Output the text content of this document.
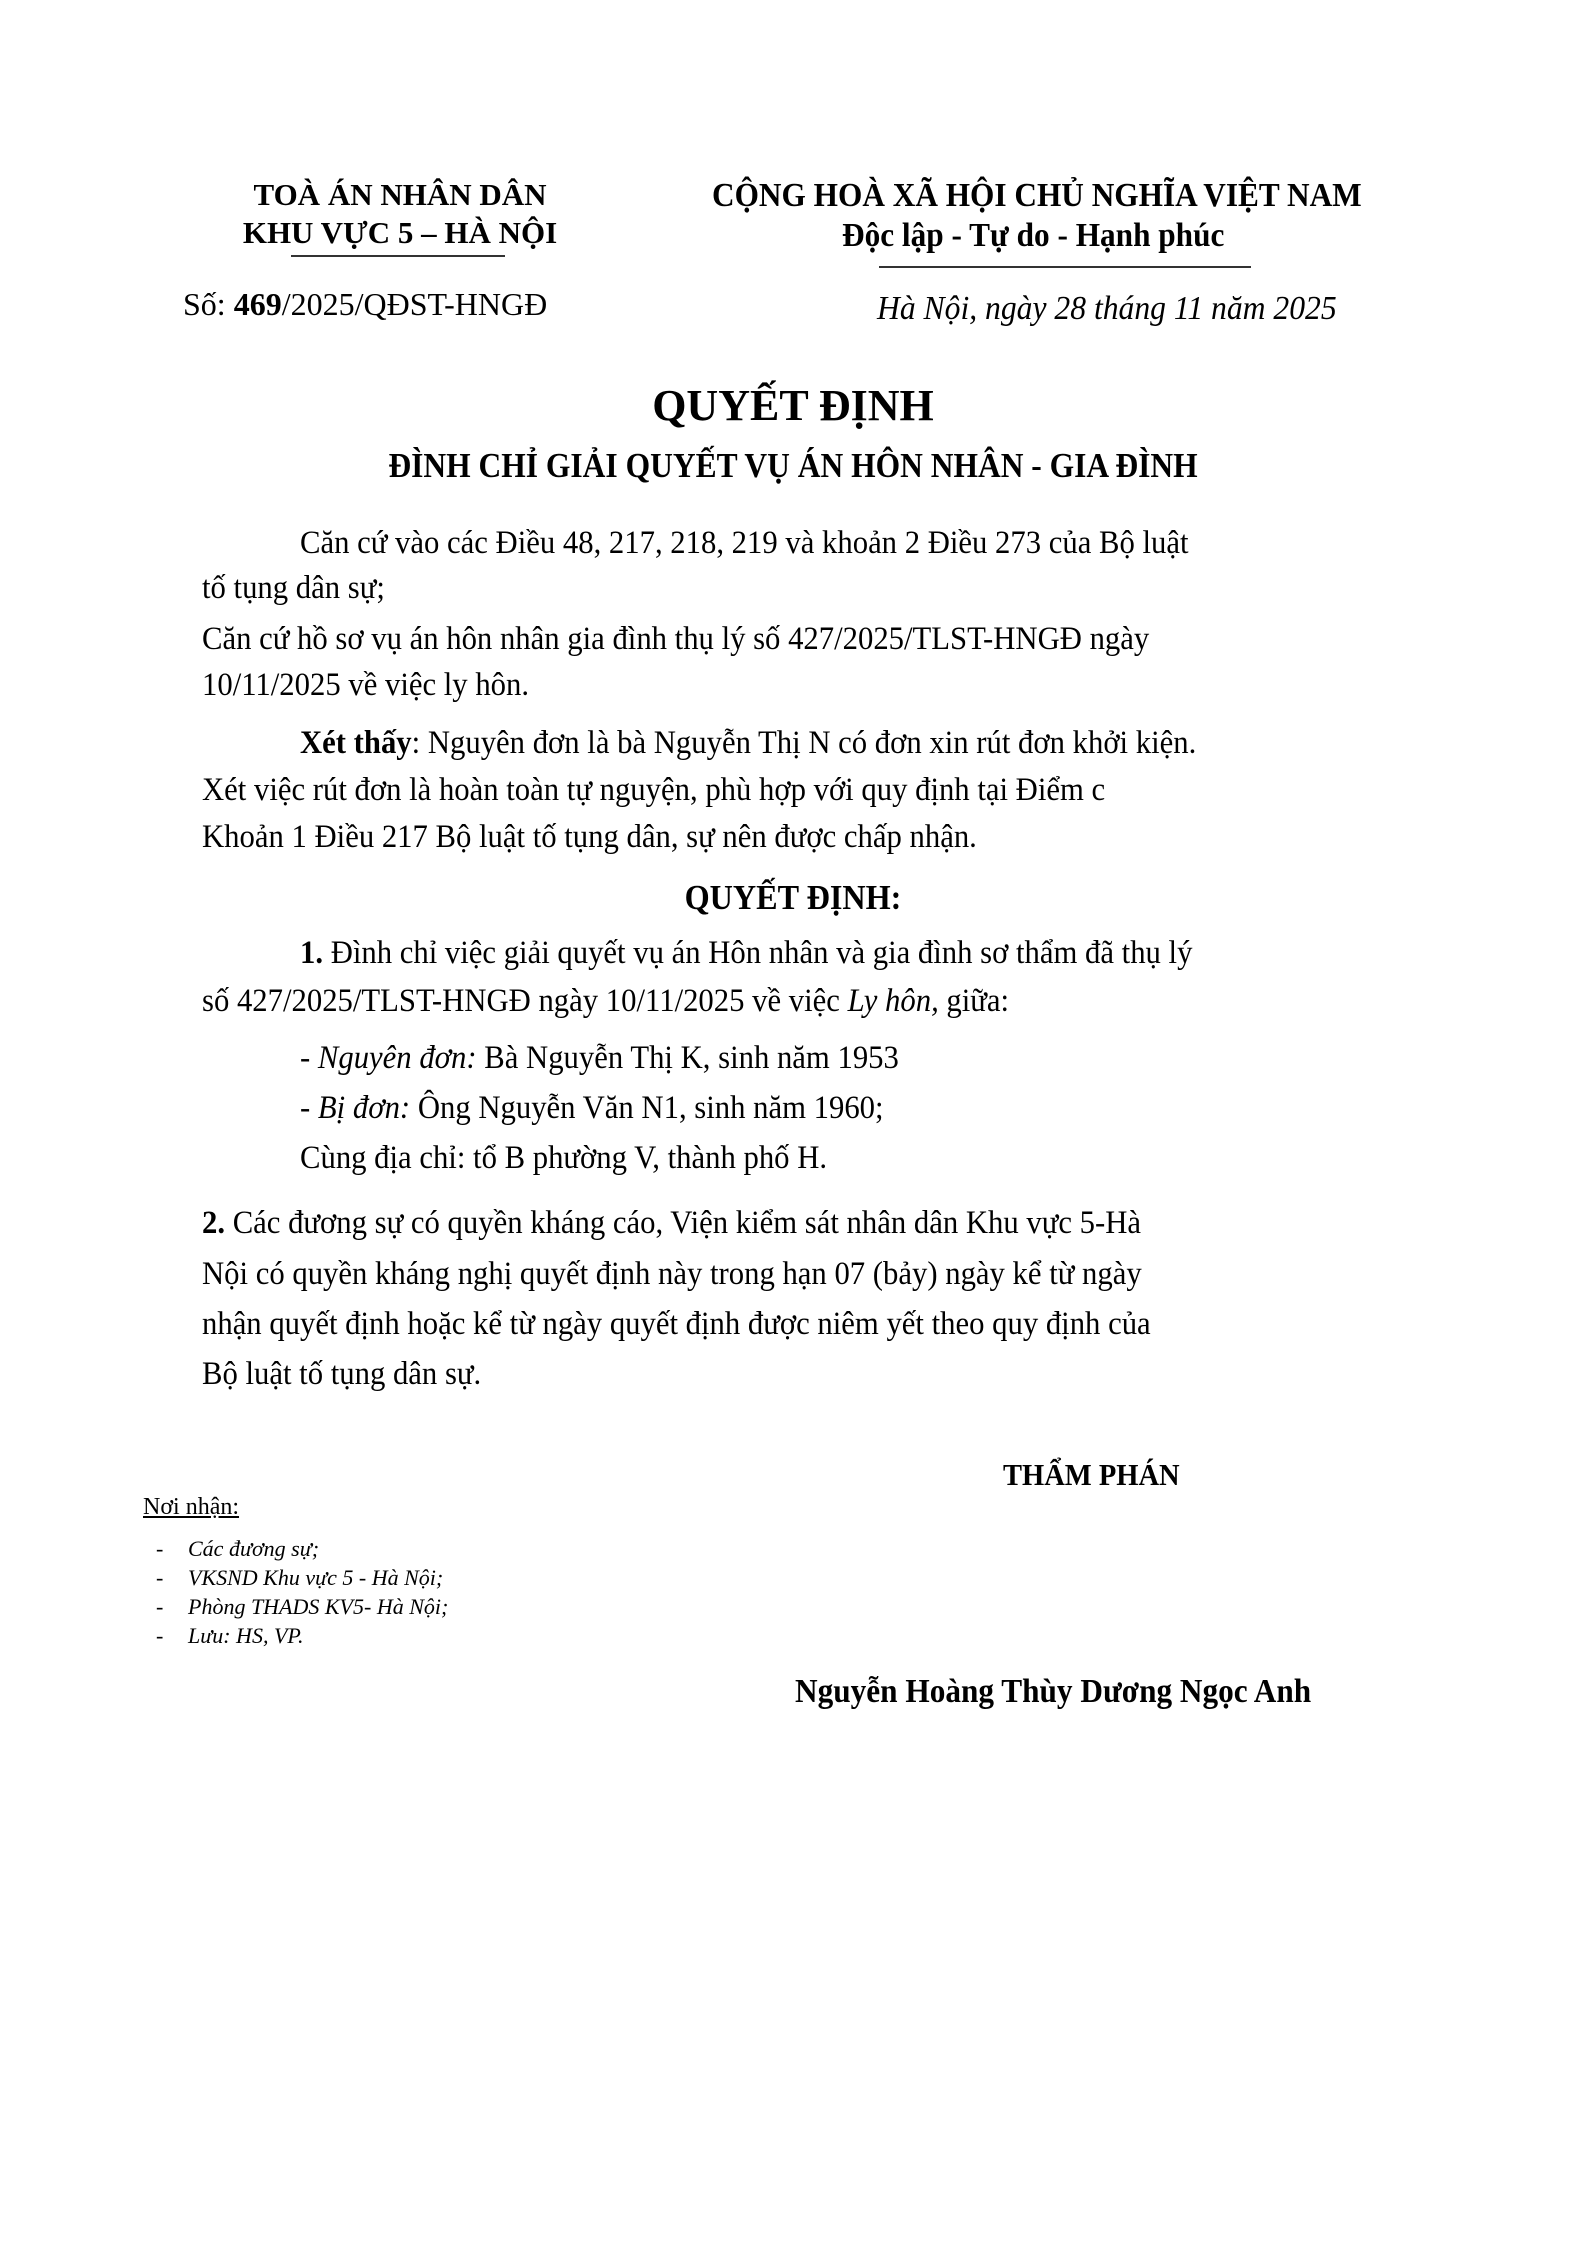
TOÀ ÁN NHÂN DÂN
KHU VỰC 5 – HÀ NỘI
Số: 469/2025/QĐST-HNGĐ
CỘNG HOÀ XÃ HỘI CHỦ NGHĨA VIỆT NAM
Độc lập - Tự do - Hạnh phúc
Hà Nội, ngày 28 tháng 11 năm 2025
QUYẾT ĐỊNH
ĐÌNH CHỈ GIẢI QUYẾT VỤ ÁN HÔN NHÂN - GIA ĐÌNH
Căn cứ vào các Điều 48, 217, 218, 219 và khoản 2 Điều 273 của Bộ luật
tố tụng dân sự;
Căn cứ hồ sơ vụ án hôn nhân gia đình thụ lý số 427/2025/TLST-HNGĐ ngày
10/11/2025 về việc ly hôn.
Xét thấy: Nguyên đơn là bà Nguyễn Thị N có đơn xin rút đơn khởi kiện.
Xét việc rút đơn là hoàn toàn tự nguyện, phù hợp với quy định tại Điểm c
Khoản 1 Điều 217 Bộ luật tố tụng dân, sự nên được chấp nhận.
QUYẾT ĐỊNH:
1. Đình chỉ việc giải quyết vụ án Hôn nhân và gia đình sơ thẩm đã thụ lý
số 427/2025/TLST-HNGĐ ngày 10/11/2025 về việc Ly hôn, giữa:
- Nguyên đơn: Bà Nguyễn Thị K, sinh năm 1953
- Bị đơn: Ông Nguyễn Văn N1, sinh năm 1960;
Cùng địa chỉ: tổ B phường V, thành phố H.
2. Các đương sự có quyền kháng cáo, Viện kiểm sát nhân dân Khu vực 5-Hà
Nội có quyền kháng nghị quyết định này trong hạn 07 (bảy) ngày kể từ ngày
nhận quyết định hoặc kể từ ngày quyết định được niêm yết theo quy định của
Bộ luật tố tụng dân sự.
THẨM PHÁN
Nguyễn Hoàng Thùy Dương Ngọc Anh
Nơi nhận:
- Các đương sự;
- VKSND Khu vực 5 - Hà Nội;
- Phòng THADS KV5- Hà Nội;
- Lưu: HS, VP.
